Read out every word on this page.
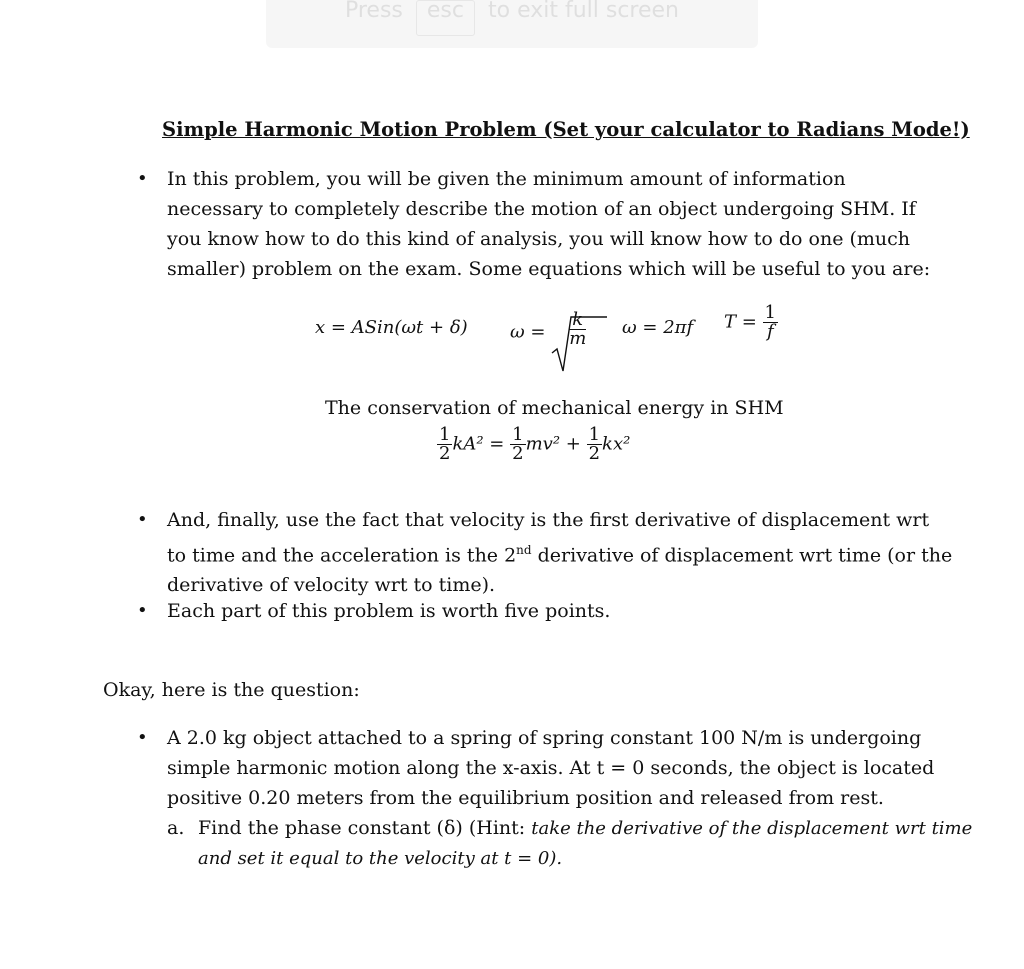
Press esc to exit full screen
Simple Harmonic Motion Problem (Set your calculator to Radians Mode!)
• In this problem, you will be given the minimum amount of information
necessary to completely describe the motion of an object undergoing SHM. If
you know how to do this kind of analysis, you will know how to do one (much
smaller) problem on the exam. Some equations which will be useful to you are:
x = ASin(ωt + δ) $\omega = \frac{k}{m}$ ω = 2πf $T = \frac{1}{f}$
The conservation of mechanical energy in SHM
$\frac{1}{2} kA^2 = \frac{1}{2} mv^2 + \frac{1}{2} kx^2$
• And, finally, use the fact that velocity is the first derivative of displacement wrt
to time and the acceleration is the 2nd derivative of displacement wrt time (or the
derivative of velocity wrt to time).
• Each part of this problem is worth five points.
Okay, here is the question:
• A 2.0 kg object attached to a spring of spring constant 100 N/m is undergoing
simple harmonic motion along the x-axis. At t = 0 seconds, the object is located
positive 0.20 meters from the equilibrium position and released from rest.
a. Find the phase constant (δ) (Hint: take the derivative of the displacement wrt time
and set it equal to the velocity at t = 0).
